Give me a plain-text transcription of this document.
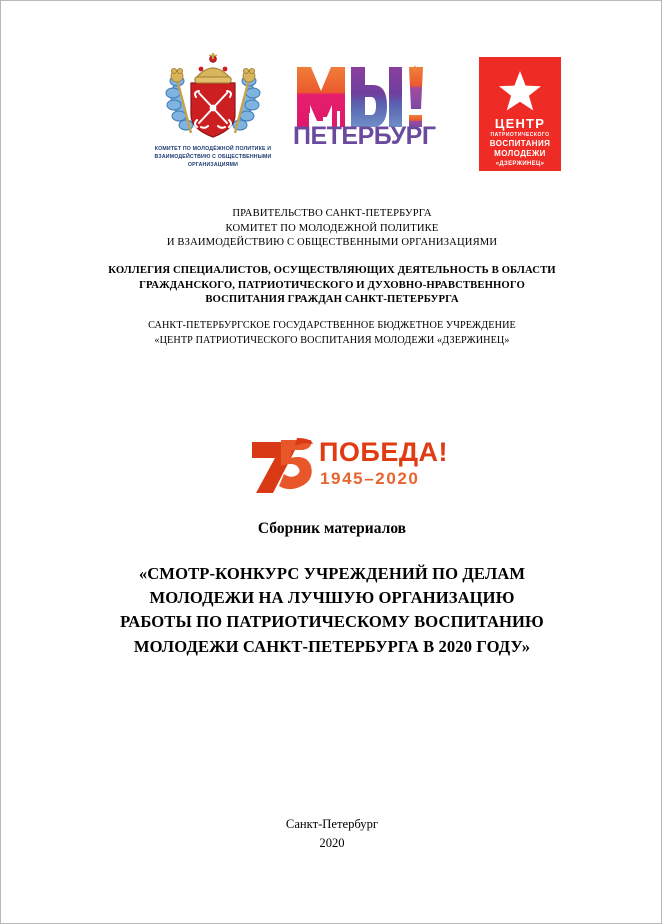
КОМИТЕТ ПО МОЛОДЁЖНОЙ ПОЛИТИКЕ И ВЗАИМОДЕЙСТВИЮ С ОБЩЕСТВЕННЫМИ ОРГАНИЗАЦИЯМИ
ПЕТЕРБУРГ	ЦЕНТР
ПАТРИОТИЧЕСКОГО
ВОСПИТАНИЯ
МОЛОДЕЖИ
«ДЗЕРЖИНЕЦ»
ПРАВИТЕЛЬСТВО САНКТ-ПЕТЕРБУРГА
КОМИТЕТ ПО МОЛОДЕЖНОЙ ПОЛИТИКЕ
И ВЗАИМОДЕЙСТВИЮ С ОБЩЕСТВЕННЫМИ ОРГАНИЗАЦИЯМИ
КОЛЛЕГИЯ СПЕЦИАЛИСТОВ, ОСУЩЕСТВЛЯЮЩИХ ДЕЯТЕЛЬНОСТЬ В ОБЛАСТИ
ГРАЖДАНСКОГО, ПАТРИОТИЧЕСКОГО И ДУХОВНО-НРАВСТВЕННОГО
ВОСПИТАНИЯ ГРАЖДАН САНКТ-ПЕТЕРБУРГА
САНКТ-ПЕТЕРБУРГСКОЕ ГОСУДАРСТВЕННОЕ БЮДЖЕТНОЕ УЧРЕЖДЕНИЕ
«ЦЕНТР ПАТРИОТИЧЕСКОГО ВОСПИТАНИЯ МОЛОДЕЖИ «ДЗЕРЖИНЕЦ»
ПОБЕДА!
1945–2020
Сборник материалов
«СМОТР-КОНКУРС УЧРЕЖДЕНИЙ ПО ДЕЛАМ
МОЛОДЕЖИ НА ЛУЧШУЮ ОРГАНИЗАЦИЮ
РАБОТЫ ПО ПАТРИОТИЧЕСКОМУ ВОСПИТАНИЮ
МОЛОДЕЖИ САНКТ-ПЕТЕРБУРГА В 2020 ГОДУ»
Санкт-Петербург
2020
